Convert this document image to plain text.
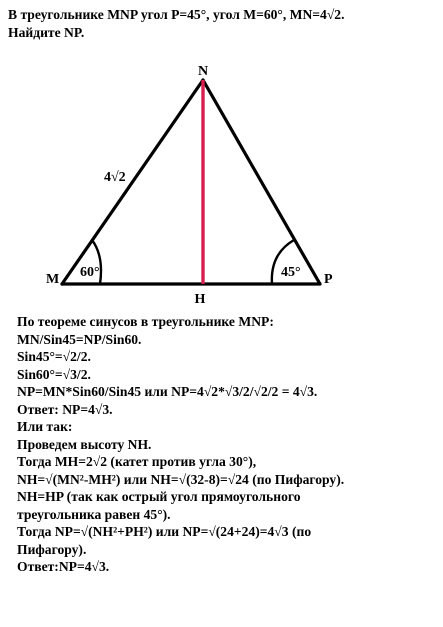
В треугольнике MNP угол P=45°, угол M=60°, MN=4√2.
Найдите NP.
N
M	P
H
4√2
60°	45°
По теореме синусов в треугольнике MNP:
MN/Sin45=NP/Sin60.
Sin45°=√2/2.
Sin60°=√3/2.
NP=MN*Sin60/Sin45 или NP=4√2*√3/2/√2/2 = 4√3.
Ответ: NP=4√3.
Или так:
Проведем высоту NH.
Тогда MH=2√2 (катет против угла 30°),
NH=√(MN²-MH²) или NH=√(32-8)=√24 (по Пифагору).
NH=HP (так как острый угол прямоугольного
треугольника равен 45°).
Тогда NP=√(NH²+PH²) или NP=√(24+24)=4√3 (по
Пифагору).
Ответ:NP=4√3.
